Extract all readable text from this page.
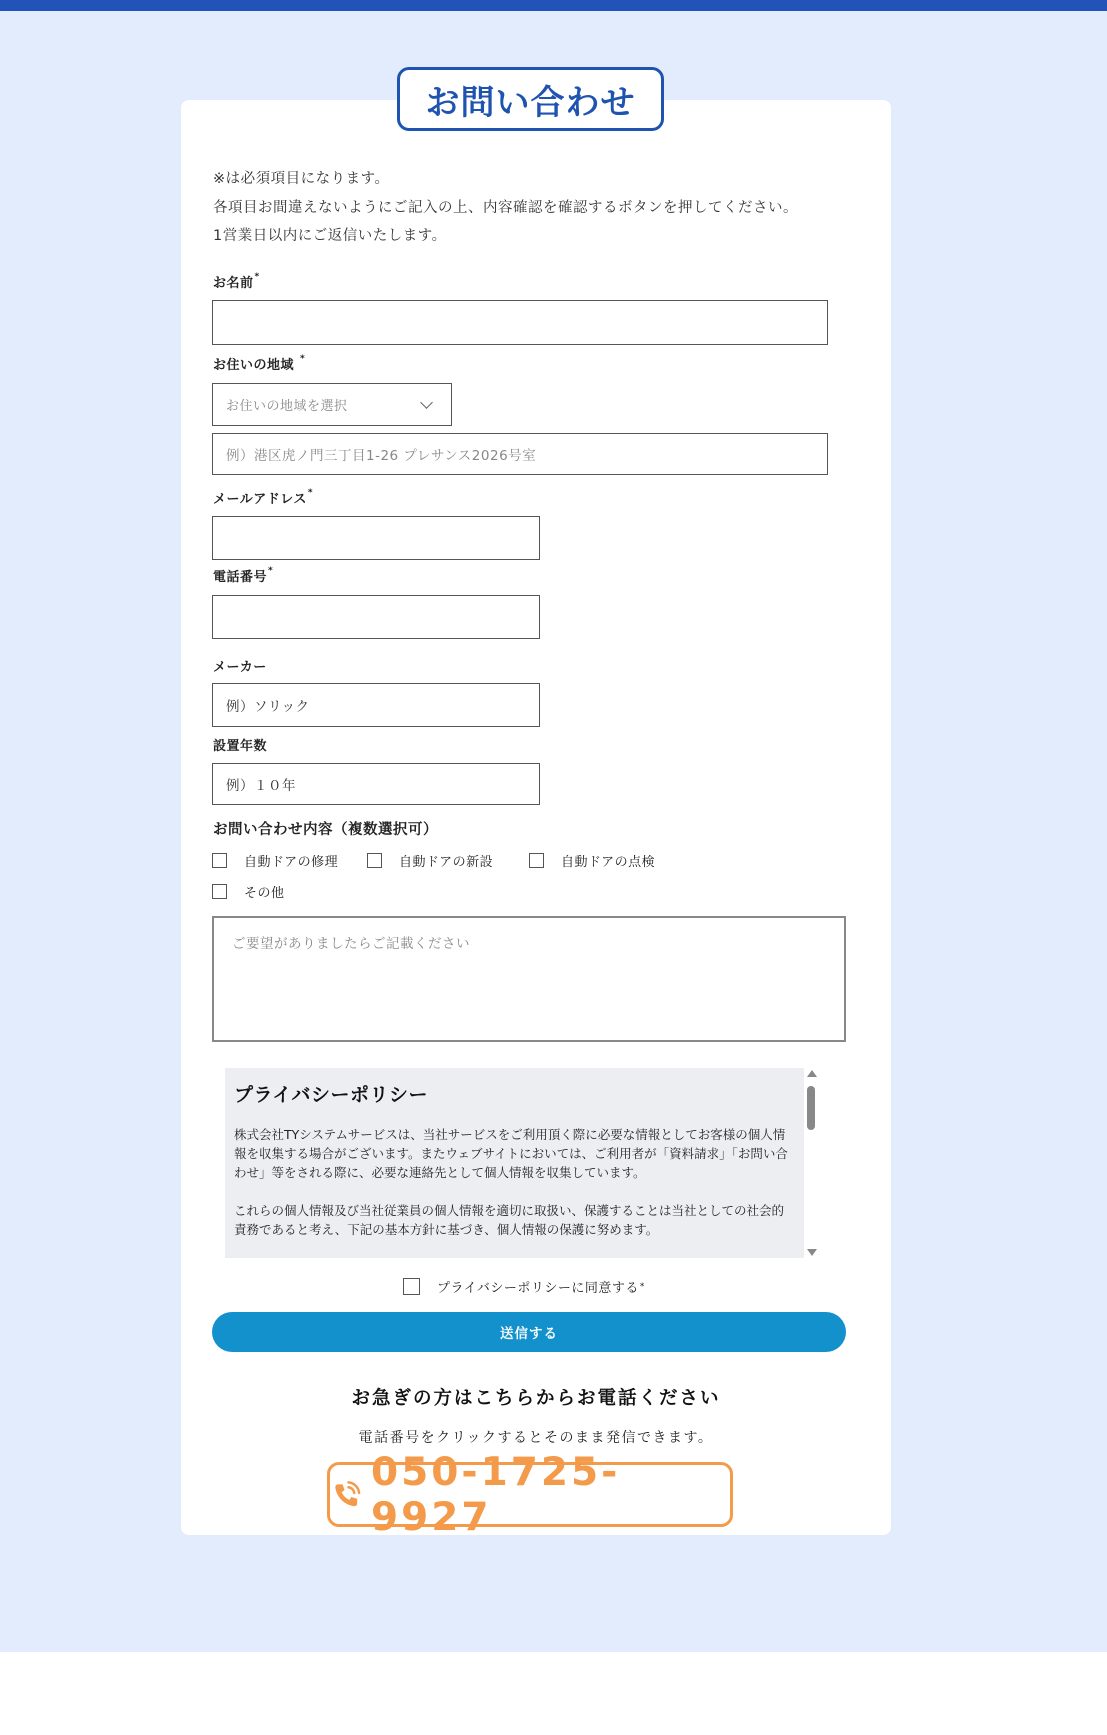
お問い合わせ
※は必須項目になります。
各項目お間違えないようにご記入の上、内容確認を確認するボタンを押してください。
1営業日以内にご返信いたします。
お名前*
お住いの地域 *
お住いの地域を選択
例）港区虎ノ門三丁目1-26 プレサンス2026号室
メールアドレス*
電話番号*
メーカー
例）ソリック
設置年数
例）１０年
お問い合わせ内容（複数選択可）
自動ドアの修理	自動ドアの新設	自動ドアの点検
その他
ご要望がありましたらご記載ください
プライバシーポリシー

株式会社TYシステムサービスは、当社サービスをご利用頂く際に必要な情報としてお客様の個人情報を収集する場合がございます。またウェブサイトにおいては、ご利用者が「資料請求」「お問い合わせ」等をされる際に、必要な連絡先として個人情報を収集しています。

これらの個人情報及び当社従業員の個人情報を適切に取扱い、保護することは当社としての社会的責務であると考え、下記の基本方針に基づき、個人情報の保護に努めます。

プライバシーポリシーに同意する *
送信する
お急ぎの方はこちらからお電話ください
電話番号をクリックするとそのまま発信できます。
050-1725-9927
